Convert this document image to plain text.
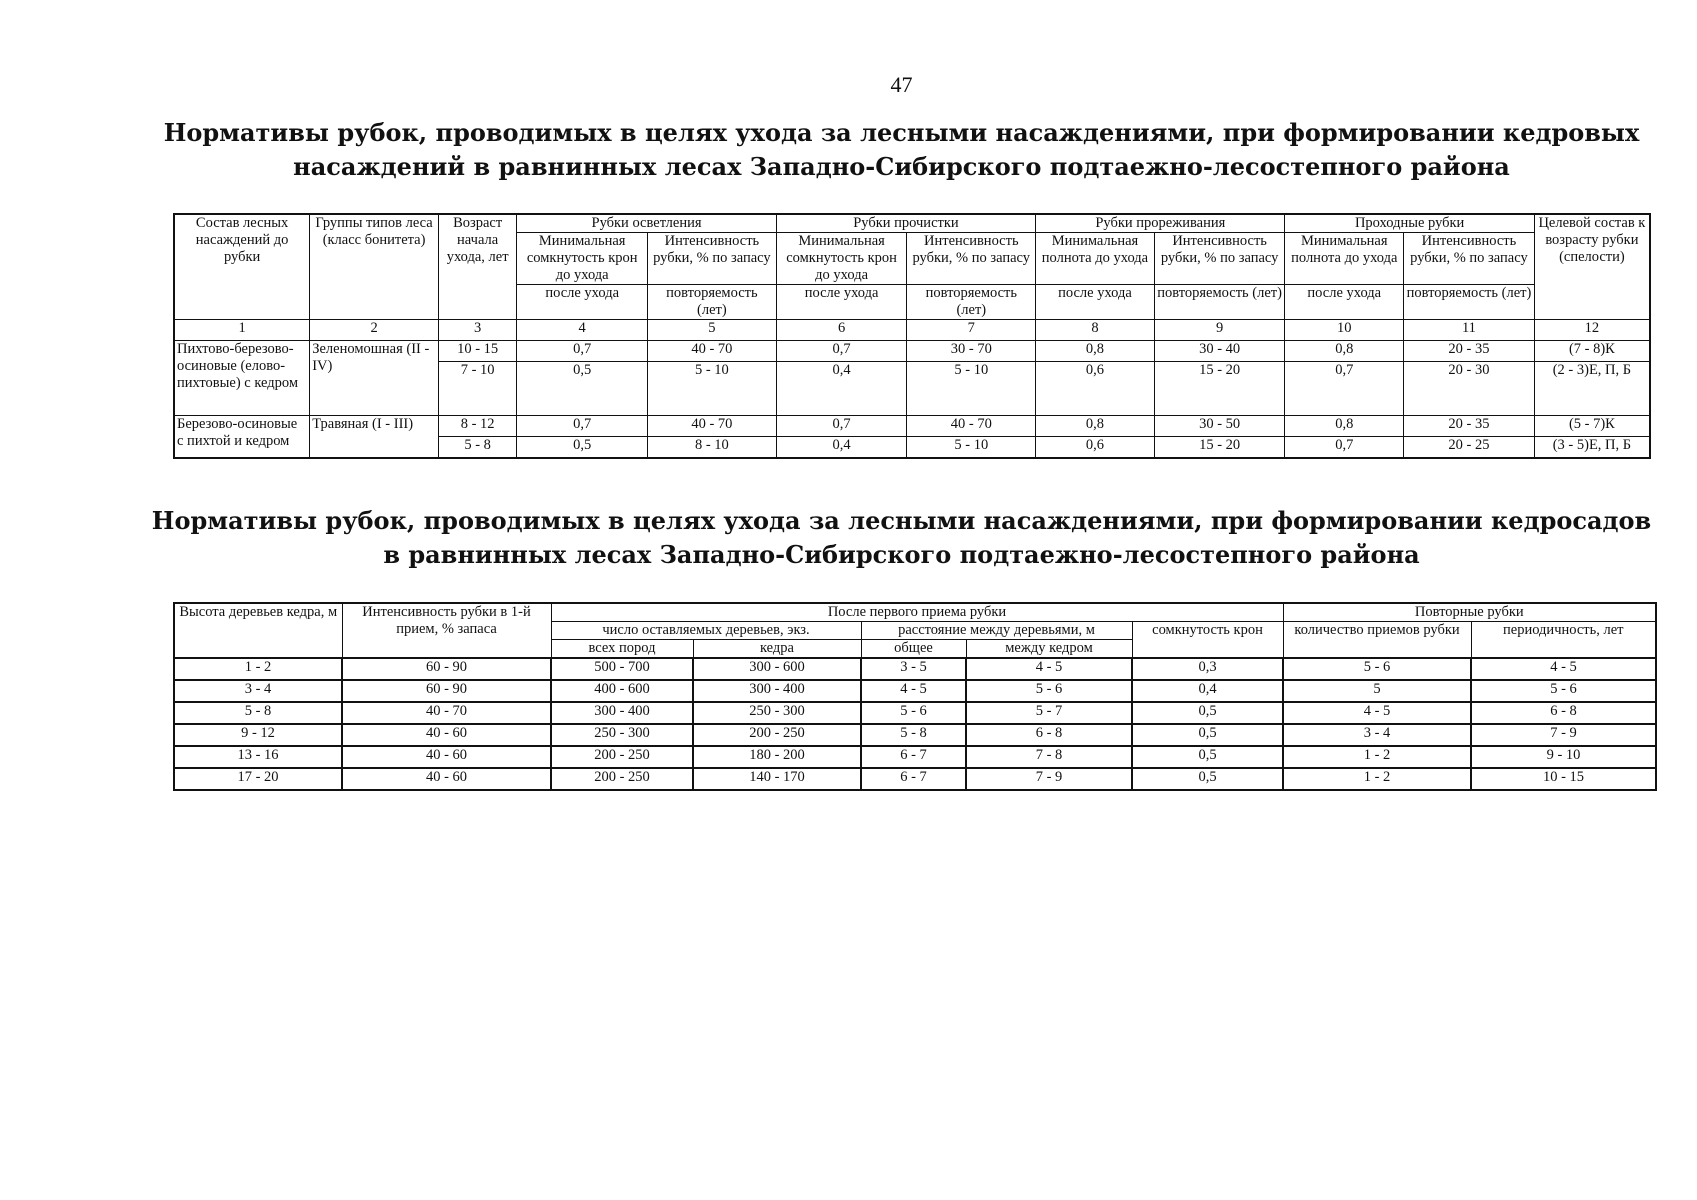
47
Нормативы рубок, проводимых в целях ухода за лесными насаждениями, при формировании кедровых
насаждений в равнинных лесах Западно-Сибирского подтаежно-лесостепного района
Состав лесных насаждений до рубки	Группы типов леса (класс бонитета)	Возраст начала ухода, лет	Рубки осветления		Рубки прочистки		Рубки прореживания		Проходные рубки		Целевой состав к возрасту рубки (спелости)
			Минимальная сомкнутость крон до ухода	Интенсивность рубки, % по запасу	Минимальная сомкнутость крон до ухода	Интенсивность рубки, % по запасу	Минимальная полнота до ухода	Интенсивность рубки, % по запасу	Минимальная полнота до ухода	Интенсивность рубки, % по запасу	
			после ухода	повторяемость (лет)	после ухода	повторяемость (лет)	после ухода	повторяемость (лет)	после ухода	повторяемость (лет)	
1	2	3	4	5	6	7	8	9	10	11	12
Пихтово-березово-осиновые (елово-пихтовые) с кедром	Зеленомошная (II - IV)	10 - 15	0,7	40 - 70	0,7	30 - 70	0,8	30 - 40	0,8	20 - 35	(7 - 8)К
		7 - 10	0,5	5 - 10	0,4	5 - 10	0,6	15 - 20	0,7	20 - 30	(2 - 3)Е, П, Б
Березово-осиновые с пихтой и кедром	Травяная (I - III)	8 - 12	0,7	40 - 70	0,7	40 - 70	0,8	30 - 50	0,8	20 - 35	(5 - 7)К
		5 - 8	0,5	8 - 10	0,4	5 - 10	0,6	15 - 20	0,7	20 - 25	(3 - 5)Е, П, Б
Нормативы рубок, проводимых в целях ухода за лесными насаждениями, при формировании кедросадов
в равнинных лесах Западно-Сибирского подтаежно-лесостепного района
Высота деревьев кедра, м	Интенсивность рубки в 1-й прием, % запаса	После первого приема рубки					Повторные рубки	
		число оставляемых деревьев, экз.		расстояние между деревьями, м		сомкнутость крон	количество приемов рубки	периодичность, лет
		всех пород	кедра	общее	между кедром			
1 - 2	60 - 90	500 - 700	300 - 600	3 - 5	4 - 5	0,3	5 - 6	4 - 5
3 - 4	60 - 90	400 - 600	300 - 400	4 - 5	5 - 6	0,4	5	5 - 6
5 - 8	40 - 70	300 - 400	250 - 300	5 - 6	5 - 7	0,5	4 - 5	6 - 8
9 - 12	40 - 60	250 - 300	200 - 250	5 - 8	6 - 8	0,5	3 - 4	7 - 9
13 - 16	40 - 60	200 - 250	180 - 200	6 - 7	7 - 8	0,5	1 - 2	9 - 10
17 - 20	40 - 60	200 - 250	140 - 170	6 - 7	7 - 9	0,5	1 - 2	10 - 15
